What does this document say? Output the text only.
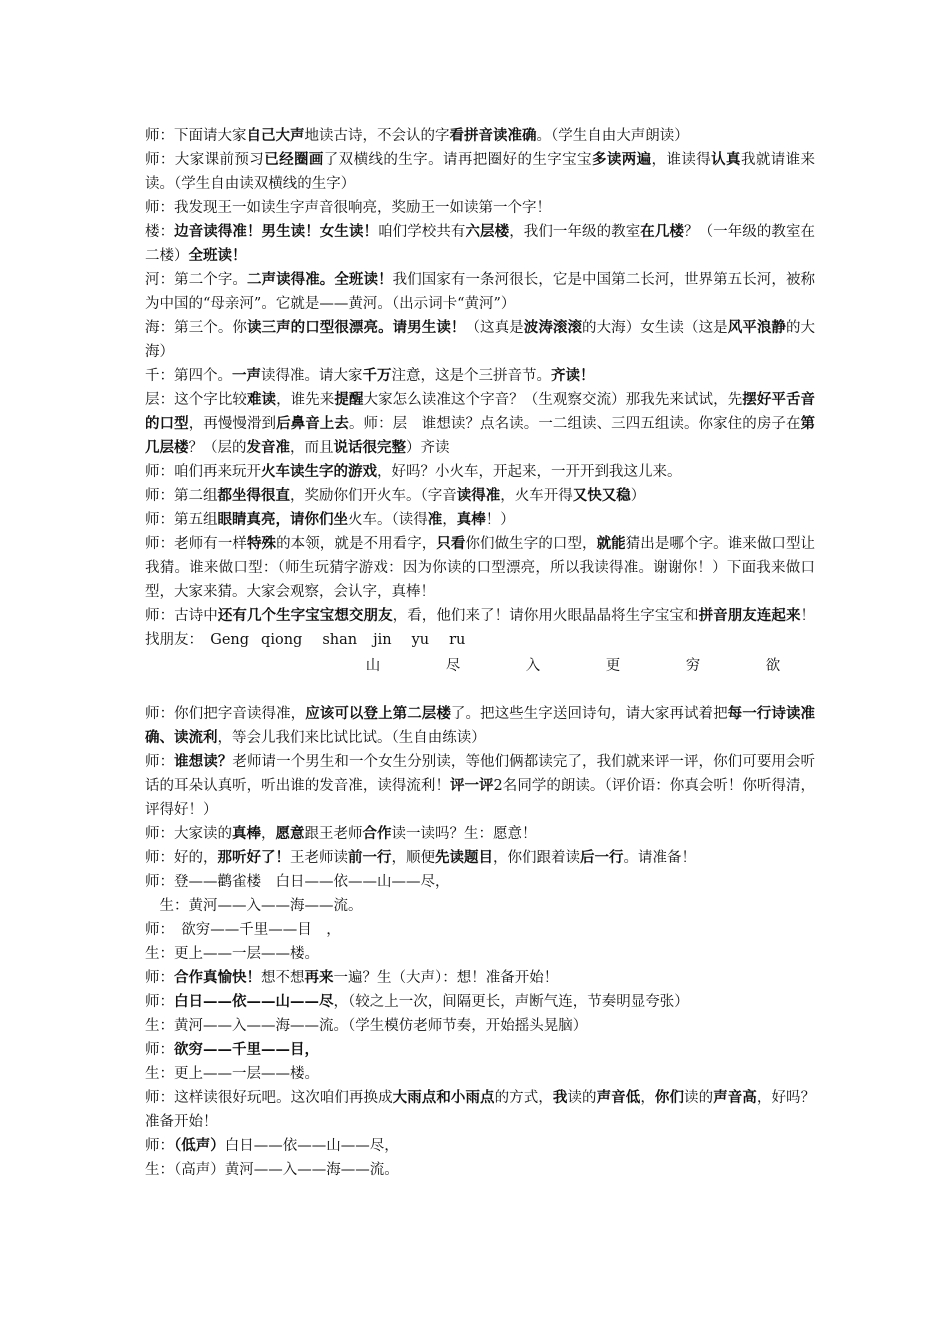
师：下面请大家自己大声地读古诗，不会认的字看拼音读准确。（学生自由大声朗读）

师：大家课前预习已经圈画了双横线的生字。请再把圈好的生字宝宝多读两遍，谁读得认真我就请谁来读。（学生自由读双横线的生字）

师：我发现王一如读生字声音很响亮，奖励王一如读第一个字！

楼：边音读得准！男生读！女生读！咱们学校共有六层楼，我们一年级的教室在几楼？（一年级的教室在二楼）全班读！

河：第二个字。二声读得准。全班读！我们国家有一条河很长，它是中国第二长河，世界第五长河，被称为中国的“母亲河”。它就是——黄河。（出示词卡“黄河”）

海：第三个。你读三声的口型很漂亮。请男生读！（这真是波涛滚滚的大海）女生读（这是风平浪静的大海）

千：第四个。一声读得准。请大家千万注意，这是个三拼音节。齐读！

层：这个字比较难读，谁先来提醒大家怎么读准这个字音？（生观察交流）那我先来试试，先摆好平舌音的口型，再慢慢滑到后鼻音上去。师：层　谁想读？点名读。一二组读、三四五组读。你家住的房子在第几层楼？（层的发音准，而且说话很完整）齐读

师：咱们再来玩开火车读生字的游戏，好吗？小火车，开起来，一开开到我这儿来。

师：第二组都坐得很直，奖励你们开火车。（字音读得准，火车开得又快又稳）

师：第五组眼睛真亮，请你们坐火车。（读得准，真棒！）

师：老师有一样特殊的本领，就是不用看字，只看你们做生字的口型，就能猜出是哪个字。谁来做口型让我猜。谁来做口型：（师生玩猜字游戏：因为你读的口型漂亮，所以我读得准。谢谢你！）下面我来做口型，大家来猜。大家会观察，会认字，真棒！

师：古诗中还有几个生字宝宝想交朋友，看，他们来了！请你用火眼晶晶将生字宝宝和拼音朋友连起来！找朋友：　Geng qiong shan jin yu ru

山	尽	入	更	穷	欲

师：你们把字音读得准，应该可以登上第二层楼了。把这些生字送回诗句，请大家再试着把每一行诗读准确、读流利，等会儿我们来比试比试。（生自由练读）

师：谁想读？老师请一个男生和一个女生分别读，等他们俩都读完了，我们就来评一评，你们可要用会听话的耳朵认真听，听出谁的发音准，读得流利！评一评2名同学的朗读。（评价语：你真会听！你听得清，评得好！）

师：大家读的真棒，愿意跟王老师合作读一读吗？生：愿意！

师：好的，那听好了！王老师读前一行，顺便先读题目，你们跟着读后一行。请准备！

师：登——鹳雀楼　白日——依——山——尽，

　生：黄河——入——海——流。

师：　欲穷——千里——目　，

生：更上——一层——楼。

师：合作真愉快！想不想再来一遍？生（大声）：想！准备开始！

师：白日——依——山——尽，（较之上一次，间隔更长，声断气连，节奏明显夸张）

生：黄河——入——海——流。（学生模仿老师节奏，开始摇头晃脑）

师：欲穷——千里——目，

生：更上——一层——楼。

师：这样读很好玩吧。这次咱们再换成大雨点和小雨点的方式，我读的声音低，你们读的声音高，好吗？准备开始！

师：（低声）白日——依——山——尽，

生：（高声）黄河——入——海——流。
